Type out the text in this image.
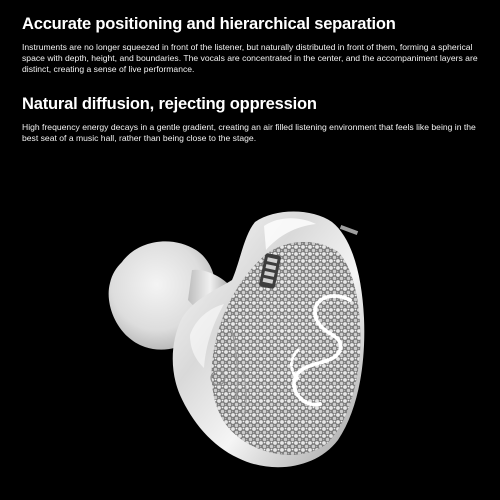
Accurate positioning and hierarchical separation

Instruments are no longer squeezed in front of the listener, but naturally distributed in front of them, forming a spherical space with depth, height, and boundaries. The vocals are concentrated in the center, and the accompaniment layers are distinct, creating a sense of live performance.

Natural diffusion, rejecting oppression

High frequency energy decays in a gentle gradient, creating an air filled listening environment that feels like being in the best seat of a music hall, rather than being close to the stage.
